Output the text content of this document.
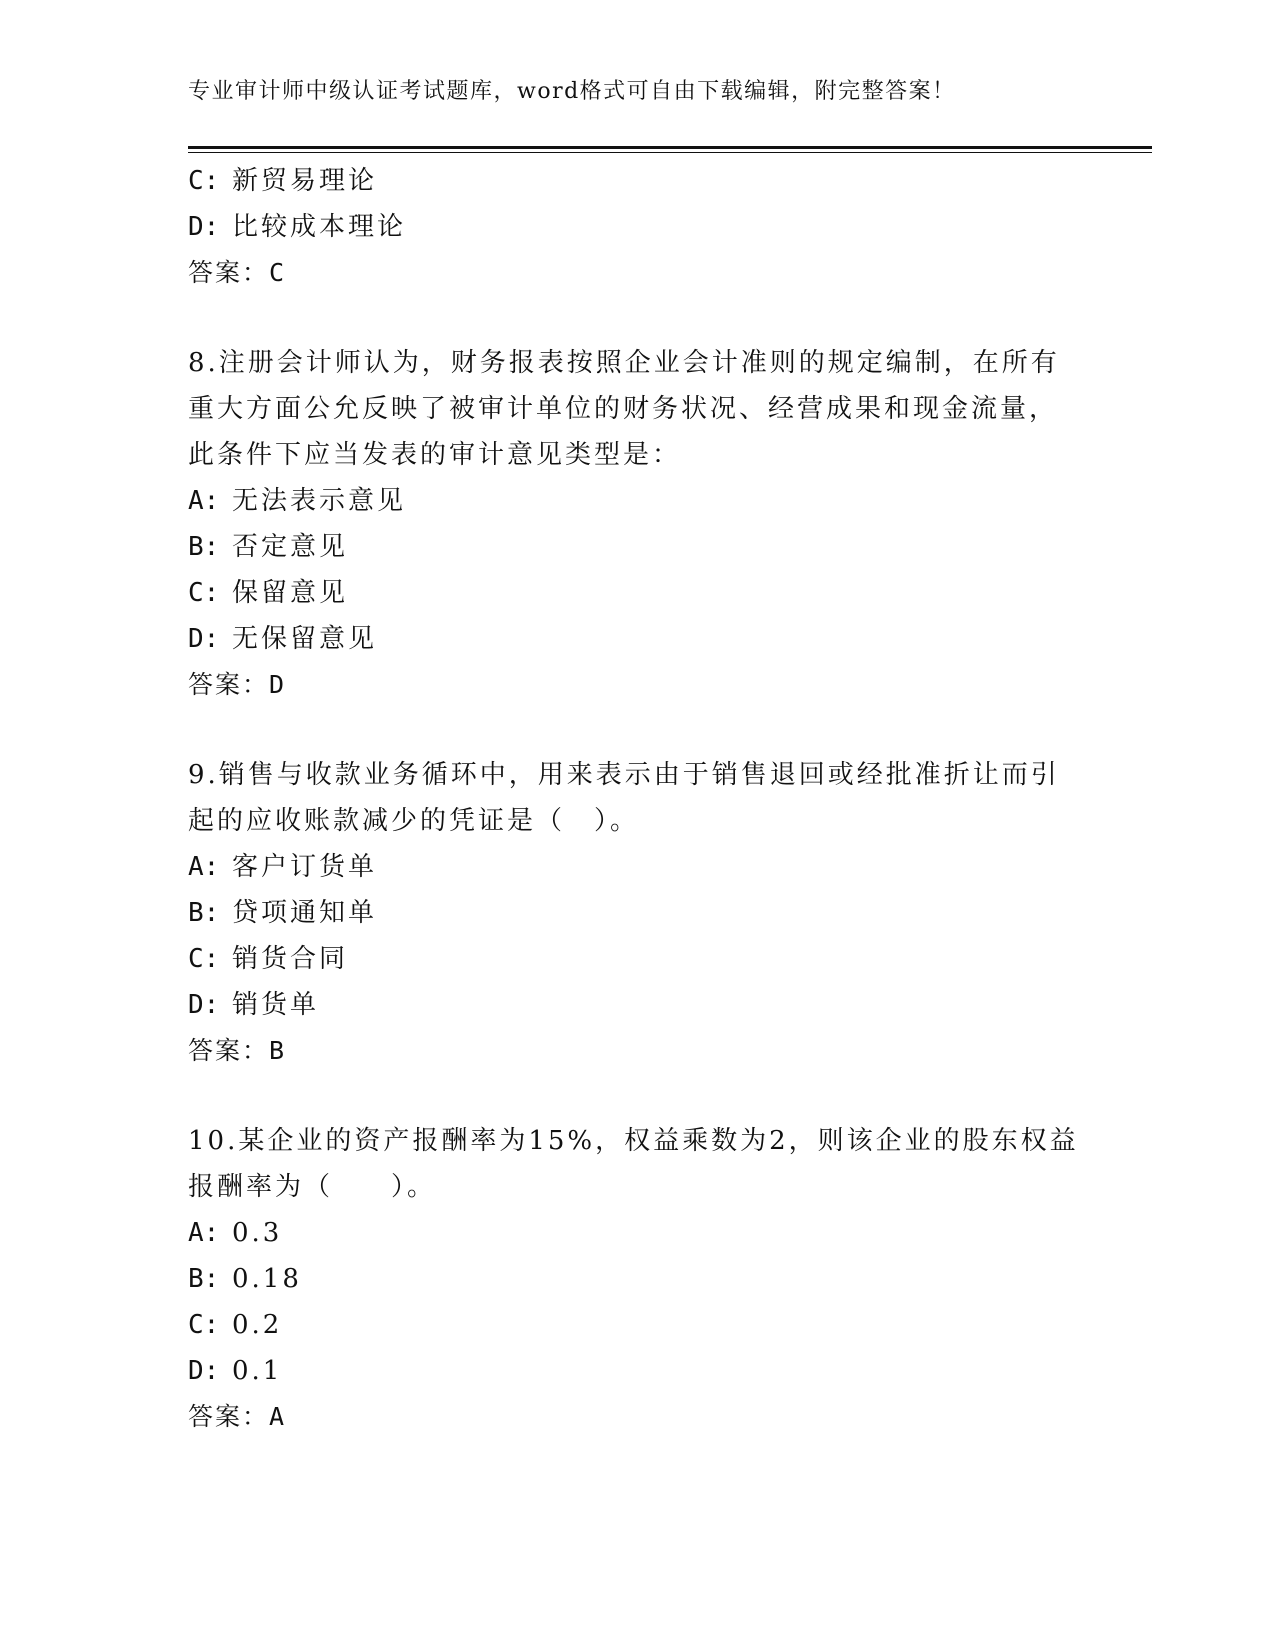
专业审计师中级认证考试题库，word格式可自由下载编辑，附完整答案！
C: 新贸易理论
D: 比较成本理论
答案：C
8.注册会计师认为，财务报表按照企业会计准则的规定编制，在所有
重大方面公允反映了被审计单位的财务状况、经营成果和现金流量，
此条件下应当发表的审计意见类型是：
A: 无法表示意见
B: 否定意见
C: 保留意见
D: 无保留意见
答案：D
9.销售与收款业务循环中，用来表示由于销售退回或经批准折让而引
起的应收账款减少的凭证是（　）。
A: 客户订货单
B: 贷项通知单
C: 销货合同
D: 销货单
答案：B
10.某企业的资产报酬率为15%，权益乘数为2，则该企业的股东权益
报酬率为（　　）。
A: 0.3
B: 0.18
C: 0.2
D: 0.1
答案：A
